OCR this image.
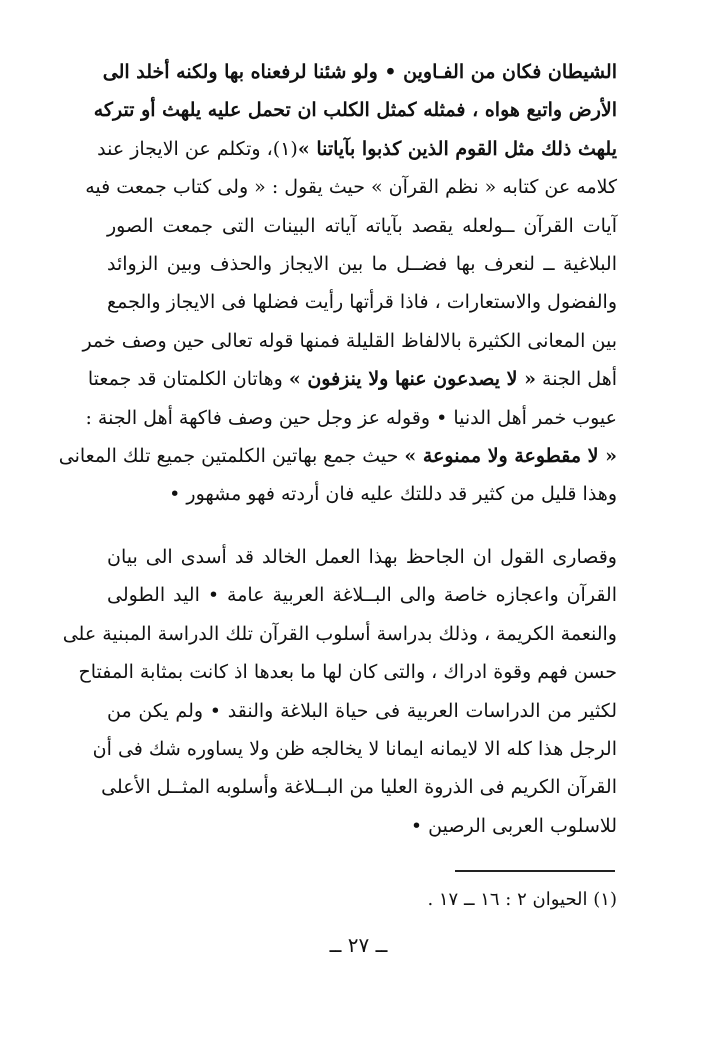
الشيطان فكان من الفـاوين • ولو شئنا لرفعناه بها ولكنه أخلد الى
الأرض واتبع هواه ، فمثله كمثل الكلب ان تحمل عليه يلهث أو تتركه
يلهث ذلك مثل القوم الذين كذبوا بآياتنا »(١)، وتكلم عن الايجاز عند
كلامه عن كتابه « نظم القرآن » حيث يقول : « ولى كتاب جمعت فيه
آيات القرآن ــولعله يقصد بآياته آياته البينات التى جمعت الصور
البلاغية ــ لنعرف بها فضــل ما بين الايجاز والحذف وبين الزوائد
والفضول والاستعارات ، فاذا قرأتها رأيت فضلها فى الايجاز والجمع
بين المعانى الكثيرة بالالفاظ القليلة فمنها قوله تعالى حين وصف خمر
أهل الجنة « لا يصدعون عنها ولا ينزفون » وهاتان الكلمتان قد جمعتا
عيوب خمر أهل الدنيا • وقوله عز وجل حين وصف فاكهة أهل الجنة :
« لا مقطوعة ولا ممنوعة » حيث جمع بهاتين الكلمتين جميع تلك المعانى
وهذا قليل من كثير قد دللتك عليه فان أردته فهو مشهور •
وقصارى القول ان الجاحظ بهذا العمل الخالد قد أسدى الى بيان
القرآن واعجازه خاصة والى البــلاغة العربية عامة • اليد الطولى
والنعمة الكريمة ، وذلك بدراسة أسلوب القرآن تلك الدراسة المبنية على
حسن فهم وقوة ادراك ، والتى كان لها ما بعدها اذ كانت بمثابة المفتاح
لكثير من الدراسات العربية فى حياة البلاغة والنقد • ولم يكن من
الرجل هذا كله الا لايمانه ايمانا لا يخالجه ظن ولا يساوره شك فى أن
القرآن الكريم فى الذروة العليا من البــلاغة وأسلوبه المثــل الأعلى
للاسلوب العربى الرصين •
(١) الحيوان ٢ : ١٦ ــ ١٧ .
ــ ٢٧ ــ
